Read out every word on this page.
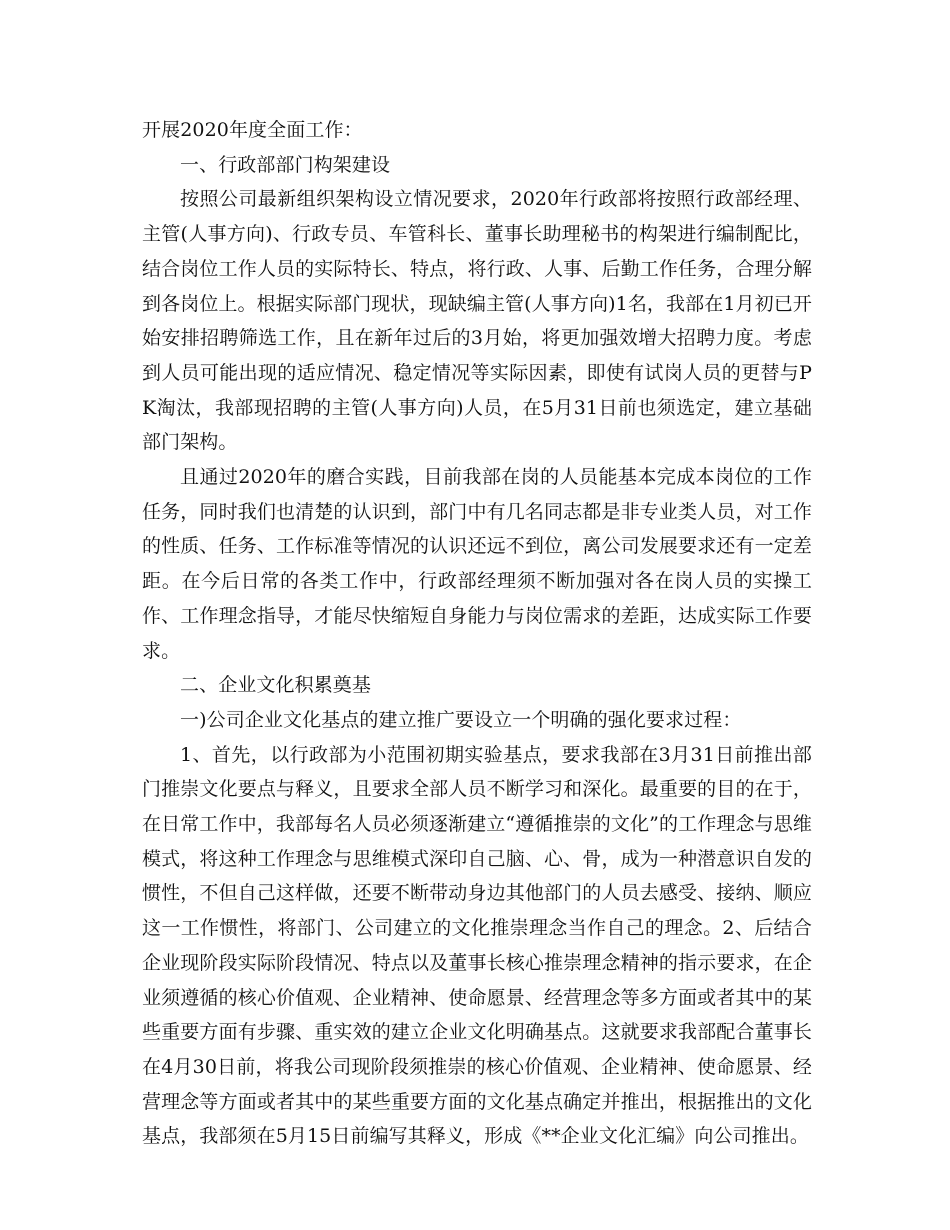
开展2020年度全面工作：

一、行政部部门构架建设

按照公司最新组织架构设立情况要求，2020年行政部将按照行政部经理、主管(人事方向)、行政专员、车管科长、董事长助理秘书的构架进行编制配比，结合岗位工作人员的实际特长、特点，将行政、人事、后勤工作任务，合理分解到各岗位上。根据实际部门现状，现缺编主管(人事方向)1名，我部在1月初已开始安排招聘筛选工作，且在新年过后的3月始，将更加强效增大招聘力度。考虑到人员可能出现的适应情况、稳定情况等实际因素，即使有试岗人员的更替与PK淘汰，我部现招聘的主管(人事方向)人员，在5月31日前也须选定，建立基础部门架构。

且通过2020年的磨合实践，目前我部在岗的人员能基本完成本岗位的工作任务，同时我们也清楚的认识到，部门中有几名同志都是非专业类人员，对工作的性质、任务、工作标准等情况的认识还远不到位，离公司发展要求还有一定差距。在今后日常的各类工作中，行政部经理须不断加强对各在岗人员的实操工作、工作理念指导，才能尽快缩短自身能力与岗位需求的差距，达成实际工作要求。

二、企业文化积累奠基

一)公司企业文化基点的建立推广要设立一个明确的强化要求过程：

1、首先，以行政部为小范围初期实验基点，要求我部在3月31日前推出部门推崇文化要点与释义，且要求全部人员不断学习和深化。最重要的目的在于，在日常工作中，我部每名人员必须逐渐建立“遵循推崇的文化”的工作理念与思维模式，将这种工作理念与思维模式深印自己脑、心、骨，成为一种潜意识自发的惯性，不但自己这样做，还要不断带动身边其他部门的人员去感受、接纳、顺应这一工作惯性，将部门、公司建立的文化推崇理念当作自己的理念。2、后结合企业现阶段实际阶段情况、特点以及董事长核心推崇理念精神的指示要求，在企业须遵循的核心价值观、企业精神、使命愿景、经营理念等多方面或者其中的某些重要方面有步骤、重实效的建立企业文化明确基点。这就要求我部配合董事长在4月30日前，将我公司现阶段须推崇的核心价值观、企业精神、使命愿景、经营理念等方面或者其中的某些重要方面的文化基点确定并推出，根据推出的文化基点，我部须在5月15日前编写其释义，形成《**企业文化汇编》向公司推出。
